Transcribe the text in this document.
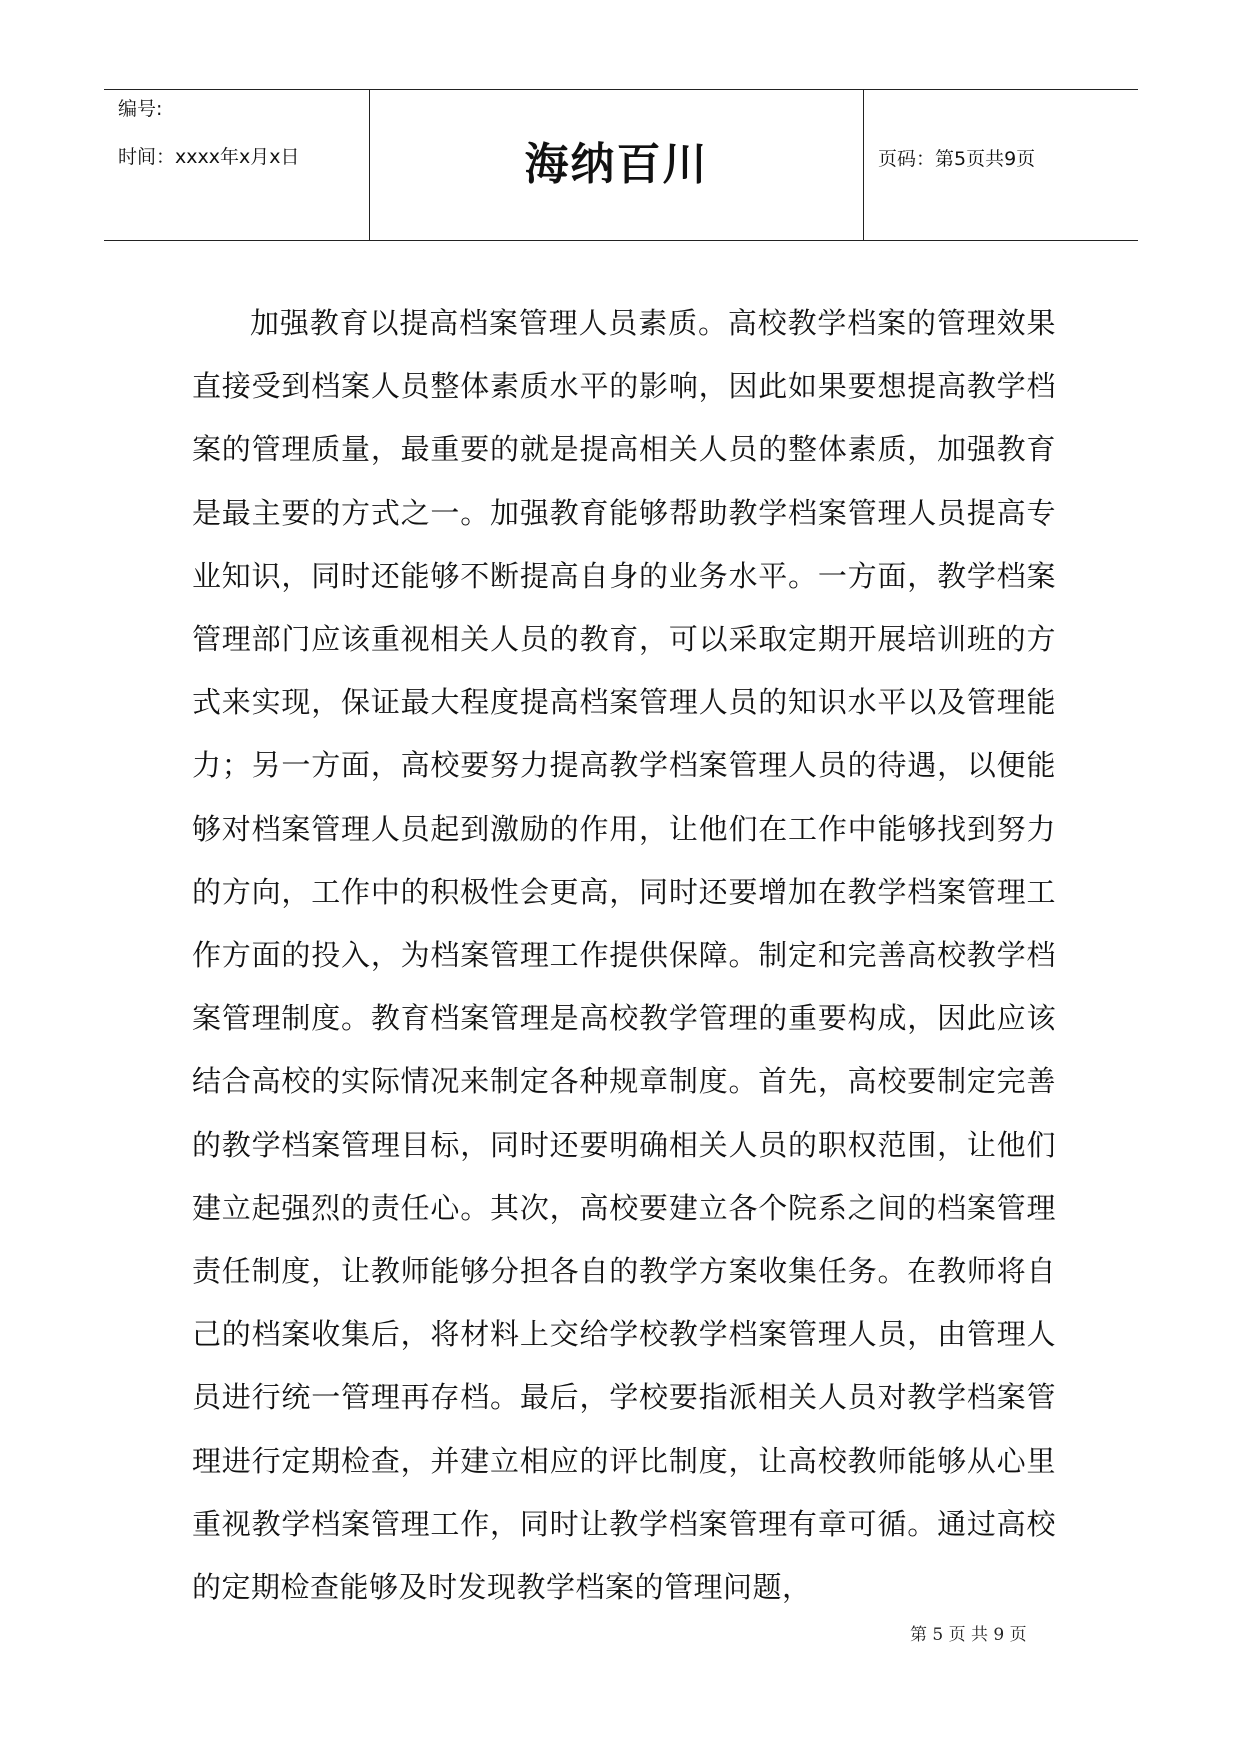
编号:
时间：xxxx年x月x日	海纳百川	页码：第5页共9页
加强教育以提高档案管理人员素质。高校教学档案的管理效果直接受到档案人员整体素质水平的影响，因此如果要想提高教学档案的管理质量，最重要的就是提高相关人员的整体素质，加强教育是最主要的方式之一。加强教育能够帮助教学档案管理人员提高专业知识，同时还能够不断提高自身的业务水平。一方面，教学档案管理部门应该重视相关人员的教育，可以采取定期开展培训班的方式来实现，保证最大程度提高档案管理人员的知识水平以及管理能力；另一方面，高校要努力提高教学档案管理人员的待遇，以便能够对档案管理人员起到激励的作用，让他们在工作中能够找到努力的方向，工作中的积极性会更高，同时还要增加在教学档案管理工作方面的投入，为档案管理工作提供保障。制定和完善高校教学档案管理制度。教育档案管理是高校教学管理的重要构成，因此应该结合高校的实际情况来制定各种规章制度。首先，高校要制定完善的教学档案管理目标，同时还要明确相关人员的职权范围，让他们建立起强烈的责任心。其次，高校要建立各个院系之间的档案管理责任制度，让教师能够分担各自的教学方案收集任务。在教师将自己的档案收集后，将材料上交给学校教学档案管理人员，由管理人员进行统一管理再存档。最后，学校要指派相关人员对教学档案管理进行定期检查，并建立相应的评比制度，让高校教师能够从心里重视教学档案管理工作，同时让教学档案管理有章可循。通过高校的定期检查能够及时发现教学档案的管理问题，
第 5 页 共 9 页
